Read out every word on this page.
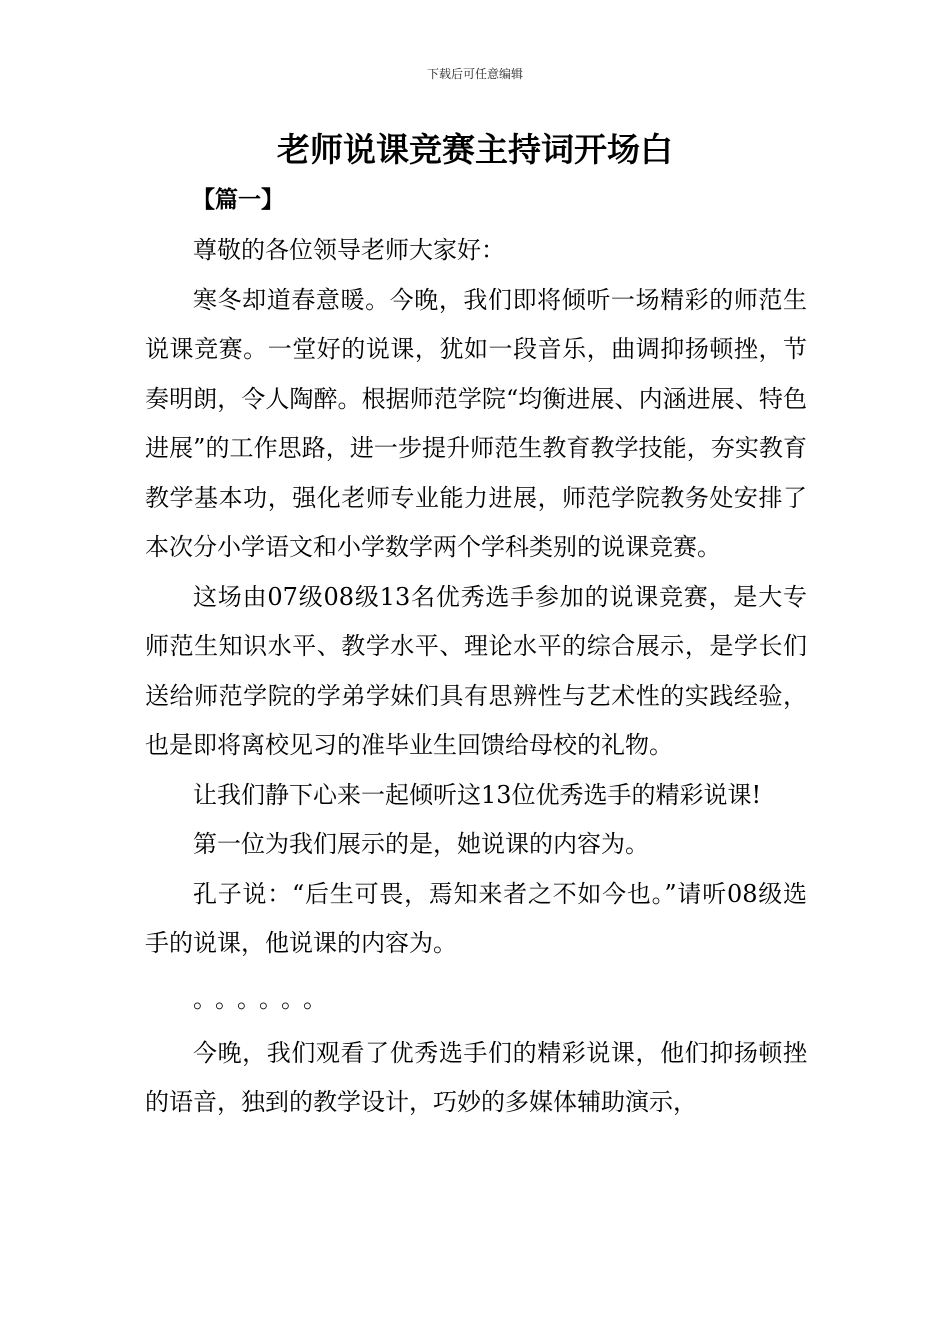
下载后可任意编辑
老师说课竞赛主持词开场白
【篇一】

尊敬的各位领导老师大家好：

寒冬却道春意暖。今晚，我们即将倾听一场精彩的师范生说课竞赛。一堂好的说课，犹如一段音乐，曲调抑扬顿挫，节奏明朗，令人陶醉。根据师范学院“均衡进展、内涵进展、特色进展”的工作思路，进一步提升师范生教育教学技能，夯实教育教学基本功，强化老师专业能力进展，师范学院教务处安排了本次分小学语文和小学数学两个学科类别的说课竞赛。

这场由07级08级13名优秀选手参加的说课竞赛，是大专师范生知识水平、教学水平、理论水平的综合展示，是学长们送给师范学院的学弟学妹们具有思辨性与艺术性的实践经验，也是即将离校见习的准毕业生回馈给母校的礼物。

让我们静下心来一起倾听这13位优秀选手的精彩说课!

第一位为我们展示的是，她说课的内容为。

孔子说：“后生可畏，焉知来者之不如今也。”请听08级选手的说课，他说课的内容为。

。。。。。。

今晚，我们观看了优秀选手们的精彩说课，他们抑扬顿挫的语音，独到的教学设计，巧妙的多媒体辅助演示，
